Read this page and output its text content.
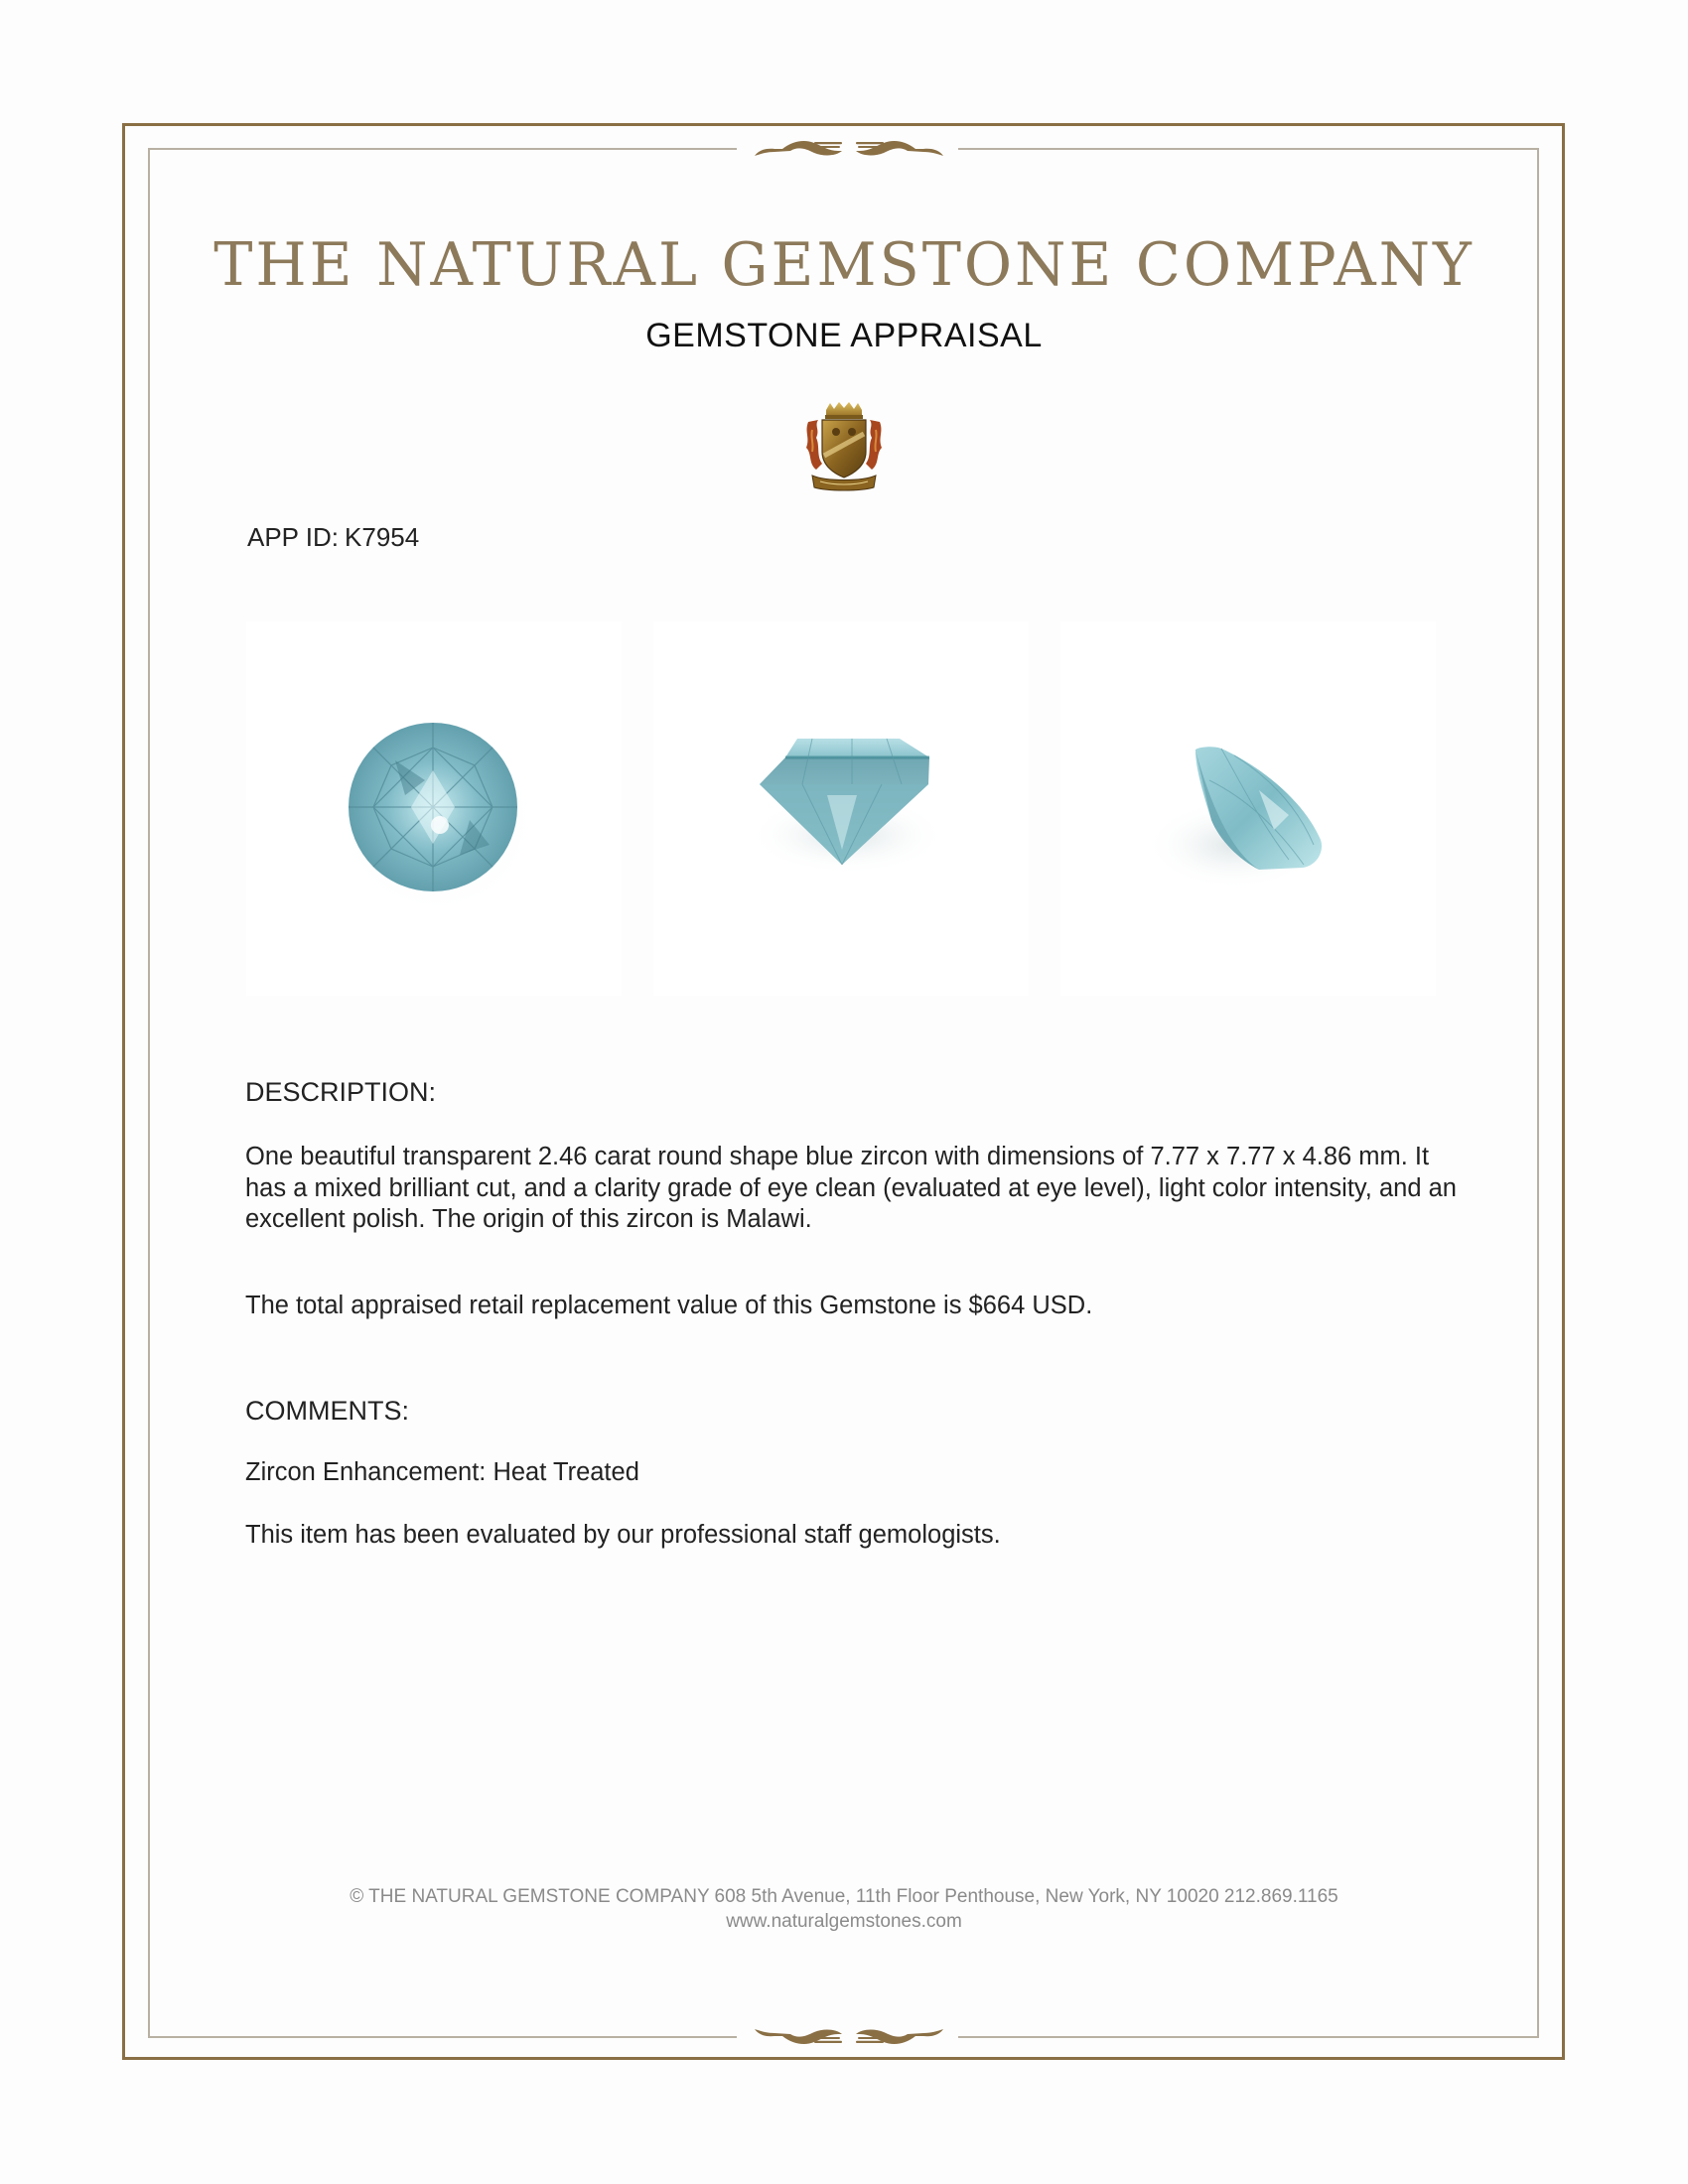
THE NATURAL GEMSTONE COMPANY
GEMSTONE APPRAISAL
APP ID: K7954
DESCRIPTION:
One beautiful transparent 2.46 carat round shape blue zircon with dimensions of 7.77 x 7.77 x 4.86 mm. It has a mixed brilliant cut, and a clarity grade of eye clean (evaluated at eye level), light color intensity, and an excellent polish. The origin of this zircon is Malawi.
The total appraised retail replacement value of this Gemstone is $664 USD.
COMMENTS:
Zircon Enhancement: Heat Treated
This item has been evaluated by our professional staff gemologists.
© THE NATURAL GEMSTONE COMPANY 608 5th Avenue, 11th Floor Penthouse, New York, NY 10020 212.869.1165
www.naturalgemstones.com
